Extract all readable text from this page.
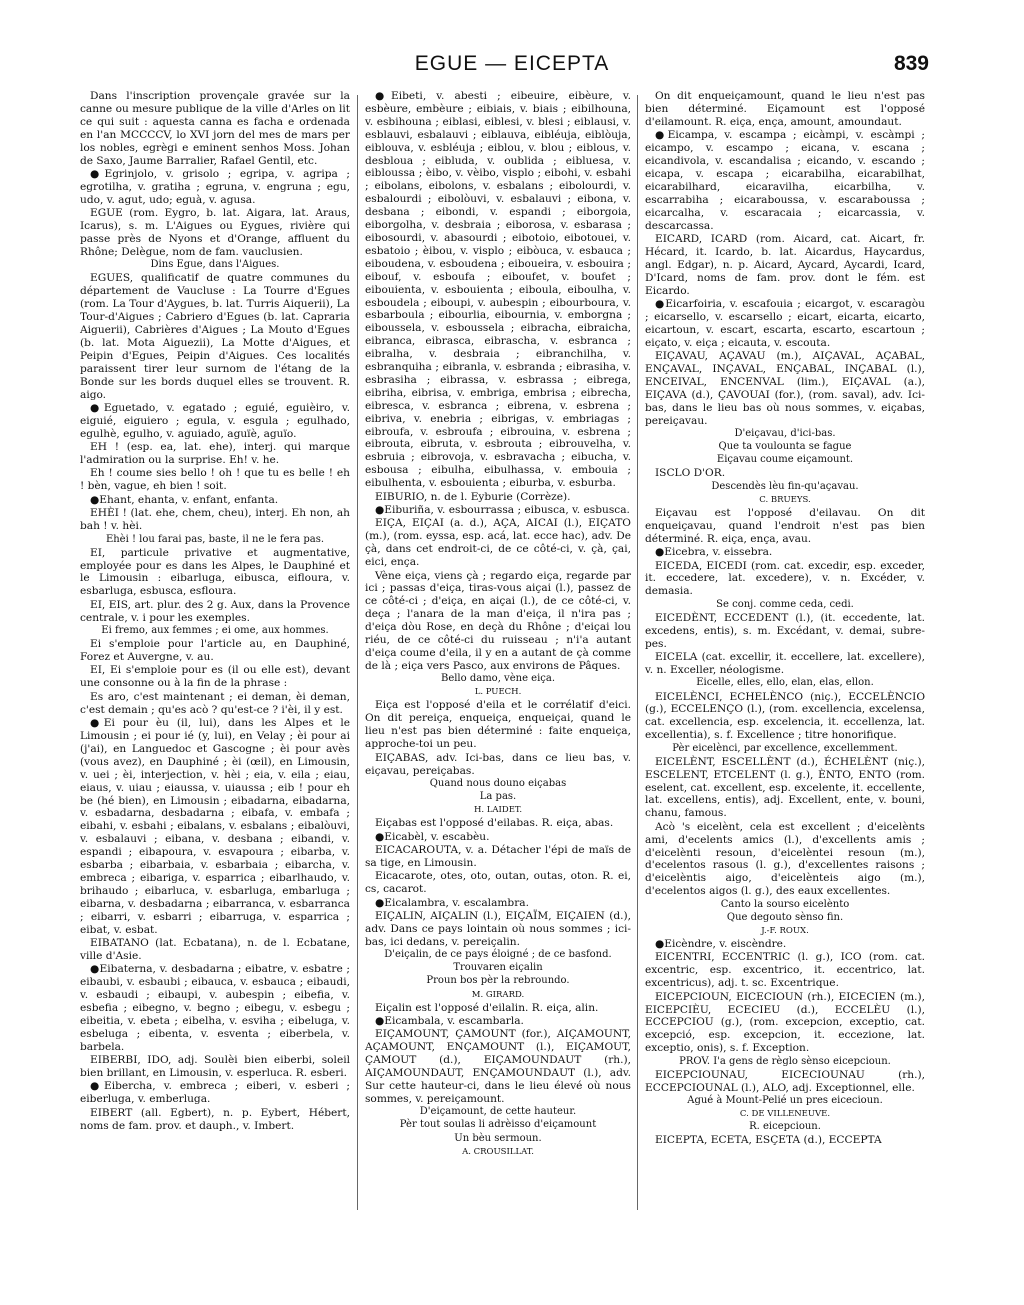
EGUE — EICEPTA	839

Dans l'inscription provençale gravée sur la canne ou mesure publique de la ville d'Arles on lit ce qui suit : aquesta canna es facha e ordenada en l'an MCCCCV, lo XVI jorn del mes de mars per los nobles, egrègi e eminent senhos Moss. Johan de Saxo, Jaume Barralier, Rafael Gentil, etc.

●Egrinjolo, v. grisolo ; egripa, v. agripa ; egrotilha, v. gratiha ; egruna, v. engruna ; egu, udo, v. agut, udo; eguà, v. agusa.

EGUE (rom. Eygro, b. lat. Aigara, lat. Araus, Icarus), s. m. L'Aigues ou Eygues, rivière qui passe près de Nyons et d'Orange, affluent du Rhône; Delègue, nom de fam. vauclusien.

Dins Egue, dans l'Aigues.

EGUES, qualificatif de quatre communes du département de Vaucluse : La Tourre d'Egues (rom. La Tour d'Aygues, b. lat. Turris Aiquerii), La Tour-d'Aigues ; Cabriero d'Egues (b. lat. Capraria Aiguerii), Cabrières d'Aigues ; La Mouto d'Egues (b. lat. Mota Aiguezii), La Motte d'Aigues, et Peipin d'Egues, Peipin d'Aigues. Ces localités paraissent tirer leur surnom de l'étang de la Bonde sur les bords duquel elles se trouvent. R. aigo.

●Eguetado, v. egatado ; eguié, eguièiro, v. eiguié, eiguiero ; egula, v. esgula ; egulhado, egulhè, egulho, v. aguiado, aguïè, aguïo.

EH ! (esp. ea, lat. ehe), interj. qui marque l'admiration ou la surprise. Eh! v. he.

Eh ! coume sies bello ! oh ! que tu es belle ! eh ! bèn, vague, eh bien ! soit.

●Ehant, ehanta, v. enfant, enfanta.

EHÈI ! (lat. ehe, chem, cheu), interj. Eh non, ah bah ! v. hèi.

Ehèi ! lou farai pas, baste, il ne le fera pas.

EI, particule privative et augmentative, employée pour es dans les Alpes, le Dauphiné et le Limousin : eibarluga, eibusca, eifloura, v. esbarluga, esbusca, esfloura.

EI, EIS, art. plur. des 2 g. Aux, dans la Provence centrale, v. i pour les exemples.

Ei fremo, aux femmes ; ei ome, aux hommes.

Ei s'emploie pour l'article au, en Dauphiné, Forez et Auvergne, v. au.

EI, Ei s'emploie pour es (il ou elle est), devant une consonne ou à la fin de la phrase :

Es aro, c'est maintenant ; ei deman, èi deman, c'est demain ; qu'es acò ? qu'est-ce ? i'èi, il y est.

●Ei pour èu (il, lui), dans les Alpes et le Limousin ; ei pour ié (y, lui), en Velay ; èi pour ai (j'ai), en Languedoc et Gascogne ; èi pour avès (vous avez), en Dauphiné ; èi (œil), en Limousin, v. uei ; èi, interjection, v. hèi ; eia, v. eila ; eiau, eiaus, v. uiau ; eiaussa, v. uiaussa ; eib ! pour eh be (hé bien), en Limousin ; eibadarna, eibadarna, v. esbadarna, desbadarna ; eibafa, v. embafa ; eibahi, v. esbahi ; eibalans, v. esbalans ; eibalòuvi, v. esbalauvi ; eibana, v. desbana ; eibandi, v. espandi ; eibapoura, v. esvapoura ; eibarba, v. esbarba ; eibarbaia, v. esbarbaia ; eibarcha, v. embreca ; eibariga, v. esparrica ; eibarlhaudo, v. brihaudo ; eibarluca, v. esbarluga, embarluga ; eibarna, v. desbadarna ; eibarranca, v. esbarranca ; eibarri, v. esbarri ; eibarruga, v. esparrica ; eibat, v. esbat.

EIBATANO (lat. Ecbatana), n. de l. Ecbatane, ville d'Asie.

●Eibaterna, v. desbadarna ; eibatre, v. esbatre ; eibaubi, v. esbaubi ; eibauca, v. esbauca ; eibaudi, v. esbaudi ; eibaupi, v. aubespin ; eibefia, v. esbefia ; eibegno, v. begno ; eibegu, v. esbegu ; eibeitia, v. ebeta ; eibelha, v. esviha ; eibeluga, v. esbeluga ; eibenta, v. esventa ; eiberbela, v. barbela.

EIBERBI, IDO, adj. Soulèi bien eiberbi, soleil bien brillant, en Limousin, v. esperluca. R. esberi.

●Eibercha, v. embreca ; eiberi, v. esberi ; eiberluga, v. emberluga.

EIBERT (all. Egbert), n. p. Eybert, Hébert, noms de fam. prov. et dauph., v. Imbert.

●Eibeti, v. abesti ; eibeuire, eibèure, v. esbèure, embèure ; eibiais, v. biais ; eibilhouna, v. esbihouna ; eiblasi, eiblesi, v. blesi ; eiblausi, v. esblauvi, esbalauvi ; eiblauva, eibléuja, eiblòuja, eiblouva, v. esbléuja ; eiblou, v. blou ; eiblous, v. desbloua ; eibluda, v. oublida ; eibluesa, v. eibloussa ; èibo, v. vèibo, visplo ; eibohi, v. esbahi ; eibolans, eibolons, v. esbalans ; eibolourdi, v. esbalourdi ; eibolòuvi, v. esbalauvi ; eibona, v. desbana ; eibondi, v. espandi ; eiborgoia, eiborgolha, v. desbraia ; eiborosa, v. esbarasa ; eibosourdi, v. abasourdi ; eibotoio, eibotouei, v. esbatoio ; èibou, v. visplo ; eibòuca, v. esbauca ; eiboudena, v. esboudena ; eiboueira, v. esbouira ; eibouf, v. esboufa ; eiboufet, v. boufet ; eibouienta, v. esbouienta ; eiboula, eiboulha, v. esboudela ; eiboupi, v. aubespin ; eibourboura, v. esbarboula ; eibourlia, eibournia, v. emborgna ; eiboussela, v. esboussela ; eibracha, eibraicha, eibranca, eibrasca, eibrascha, v. esbranca ; eibralha, v. desbraia ; eibranchilha, v. esbranquiha ; eibranla, v. esbranda ; eibrasiha, v. esbrasiha ; eibrassa, v. esbrassa ; eibrega, eibriha, eibrisa, v. embriga, embrisa ; eibrecha, eibresca, v. esbranca ; eibrena, v. esbrena ; eibriva, v. enebria ; eibrigas, v. embriagas ; eibroufa, v. esbroufa ; eibrouina, v. esbrena ; eibrouta, eibruta, v. esbrouta ; eibrouvelha, v. esbruia ; eibrovoja, v. esbravacha ; eibucha, v. esbousa ; eibulha, eibulhassa, v. embouia ; eibulhenta, v. esbouienta ; eiburba, v. esburba.

EIBURIO, n. de l. Eyburie (Corrèze).

●Eiburiña, v. esbourrassa ; eibusca, v. esbusca.

EIÇA, EIÇAI (a. d.), AÇA, AICAI (l.), EIÇATO (m.), (rom. eyssa, esp. acá, lat. ecce hac), adv. De çà, dans cet endroit-ci, de ce côté-ci, v. çà, çai, eici, ença.

Vène eiça, viens çà ; regardo eiça, regarde par ici ; passas d'eiça, tiras-vous aiçai (l.), passez de ce côté-ci ; d'eiça, en aiçai (l.), de ce côté-ci, v. deça ; l'anara de la man d'eiça, il n'ira pas ; d'eiça dòu Rose, en deçà du Rhône ; d'eiçai lou riéu, de ce côté-ci du ruisseau ; n'i'a autant d'eiça coume d'eila, il y en a autant de çà comme de là ; eiça vers Pasco, aux environs de Pâques.

Bello damo, vène eiça.

L. PUECH.

Eiça est l'opposé d'eila et le corrélatif d'eici. On dit pereiça, enqueiça, enqueiçai, quand le lieu n'est pas bien déterminé : faite enqueiça, approche-toi un peu.

EIÇABAS, adv. Ici-bas, dans ce lieu bas, v. eiçavau, pereiçabas.

Quand nous douno eiçabas

La pas.

H. LAIDET.

Eiçabas est l'opposé d'eilabas. R. eiça, abas.

●Eicabèl, v. escabèu.

EICACAROUTA, v. a. Détacher l'épi de maïs de sa tige, en Limousin.

Eicacarote, otes, oto, outan, outas, oton. R. ei, cs, cacarot.

●Eicalambra, v. escalambra.

EIÇALIN, AIÇALIN (l.), EIÇAÏM, EIÇAIEN (d.), adv. Dans ce pays lointain où nous sommes ; ici-bas, ici dedans, v. pereiçalin.

D'eiçalin, de ce pays éloigné ; de ce basfond.

Trouvaren eiçalin

Proun bos pèr la rebroundo.

M. GIRARD.

Eiçalin est l'opposé d'eilalin. R. eiça, alin.

●Eicambala, v. escambarla.

EIÇAMOUNT, ÇAMOUNT (for.), AIÇAMOUNT, AÇAMOUNT, ENÇAMOUNT (l.), EIÇAMOUT, ÇAMOUT (d.), EIÇAMOUNDAUT (rh.), AIÇAMOUNDAUT, ENÇAMOUNDAUT (l.), adv. Sur cette hauteur-ci, dans le lieu élevé où nous sommes, v. pereiçamount.

D'eiçamount, de cette hauteur.

Pèr tout soulas li adrèisso d'eiçamount

Un bèu sermoun.

A. CROUSILLAT.

On dit enqueiçamount, quand le lieu n'est pas bien déterminé. Eiçamount est l'opposé d'eilamount. R. eiça, ença, amount, amoundaut.

●Eicampa, v. escampa ; eicàmpi, v. escàmpi ; eicampo, v. escampo ; eicana, v. escana ; eicandivola, v. escandalisa ; eicando, v. escando ; eicapa, v. escapa ; eicarabilha, eicarabilhat, eicarabilhard, eicaravilha, eicarbilha, v. escarrabiha ; eicaraboussa, v. escaraboussa ; eicarcalha, v. escaracaia ; eicarcassia, v. descarcassa.

EICARD, ICARD (rom. Aicard, cat. Aicart, fr. Hécard, it. Icardo, b. lat. Aicardus, Haycardus, angl. Edgar), n. p. Aicard, Aycard, Aycardi, Icard, D'Icard, noms de fam. prov. dont le fém. est Eicardo.

●Eicarfoiria, v. escafouia ; eicargot, v. escaragòu ; eicarsello, v. escarsello ; eicart, eicarta, eicarto, eicartoun, v. escart, escarta, escarto, escartoun ; eiçato, v. eiça ; eicauta, v. escouta.

EIÇAVAU, AÇAVAU (m.), AIÇAVAL, AÇABAL, ENÇAVAL, INÇAVAL, ENÇABAL, INÇABAL (l.), ENCEIVAL, ENCENVAL (lim.), EIÇAVAL (a.), EIÇAVA (d.), ÇAVOUAI (for.), (rom. saval), adv. Ici-bas, dans le lieu bas où nous sommes, v. eiçabas, pereiçavau.

D'eiçavau, d'ici-bas.

Que ta voulounta se fague

Eiçavau coume eiçamount.

ISCLO D'OR.

Descendès lèu fin-qu'açavau.

C. BRUEYS.

Eiçavau est l'opposé d'eilavau. On dit enqueiçavau, quand l'endroit n'est pas bien déterminé. R. eiça, ença, avau.

●Eicebra, v. eissebra.

EICEDA, EICEDI (rom. cat. excedir, esp. exceder, it. eccedere, lat. excedere), v. n. Excéder, v. demasia.

Se conj. comme ceda, cedi.

EICEDÈNT, ECCEDENT (l.), (it. eccedente, lat. excedens, entis), s. m. Excédant, v. demai, subre-pes.

EICELA (cat. excellir, it. eccellere, lat. excellere), v. n. Exceller, néologisme.

Eicelle, elles, ello, elan, elas, ellon.

EICELÈNCI, ECHELÈNCO (niç.), ECCELÈNCIO (g.), ECCELENÇO (l.), (rom. excellencia, excelensa, cat. excellencia, esp. excelencia, it. eccellenza, lat. excellentia), s. f. Excellence ; titre honorifique.

Pèr eicelènci, par excellence, excellemment.

EICELÈNT, ESCELLÈNT (d.), ÉCHELÈNT (niç.), ESCELENT, ETCELENT (l. g.), ÈNTO, ENTO (rom. eselent, cat. excellent, esp. excelente, it. eccellente, lat. excellens, entis), adj. Excellent, ente, v. bouni, chanu, famous.

Acò 's eicelènt, cela est excellent ; d'eicelènts ami, d'ecelents amics (l.), d'excellents amis ; d'eicelènti resoun, d'eicelèntei resoun (m.), d'ecelentos rasous (l. g.), d'excellentes raisons ; d'eicelèntis aigo, d'eicelènteis aigo (m.), d'ecelentos aigos (l. g.), des eaux excellentes.

Canto la sourso eicelènto

Que degouto sènso fin.

J.-F. ROUX.

●Eicèndre, v. eiscèndre.

EICENTRI, ECCENTRIC (l. g.), ICO (rom. cat. excentric, esp. excentrico, it. eccentrico, lat. excentricus), adj. t. sc. Excentrique.

EICEPCIOUN, EICECIOUN (rh.), EICECIEN (m.), EICEPCIÈU, ECECIEU (d.), ECCELÈU (l.), ECCEPCIOU (g.), (rom. excepcion, exceptio, cat. excepció, esp. excepcion, it. eccezione, lat. exceptio, onis), s. f. Exception.

PROV. I'a gens de règlo sènso eicepcioun.

EICEPCIOUNAU, EICECIOUNAU (rh.), ECCEPCIOUNAL (l.), ALO, adj. Exceptionnel, elle.

Agué à Mount-Pelié un pres eicecioun.

C. DE VILLENEUVE.

R. eicepcioun.

EICEPTA, ECETA, ESÇETA (d.), ECCEPTA
